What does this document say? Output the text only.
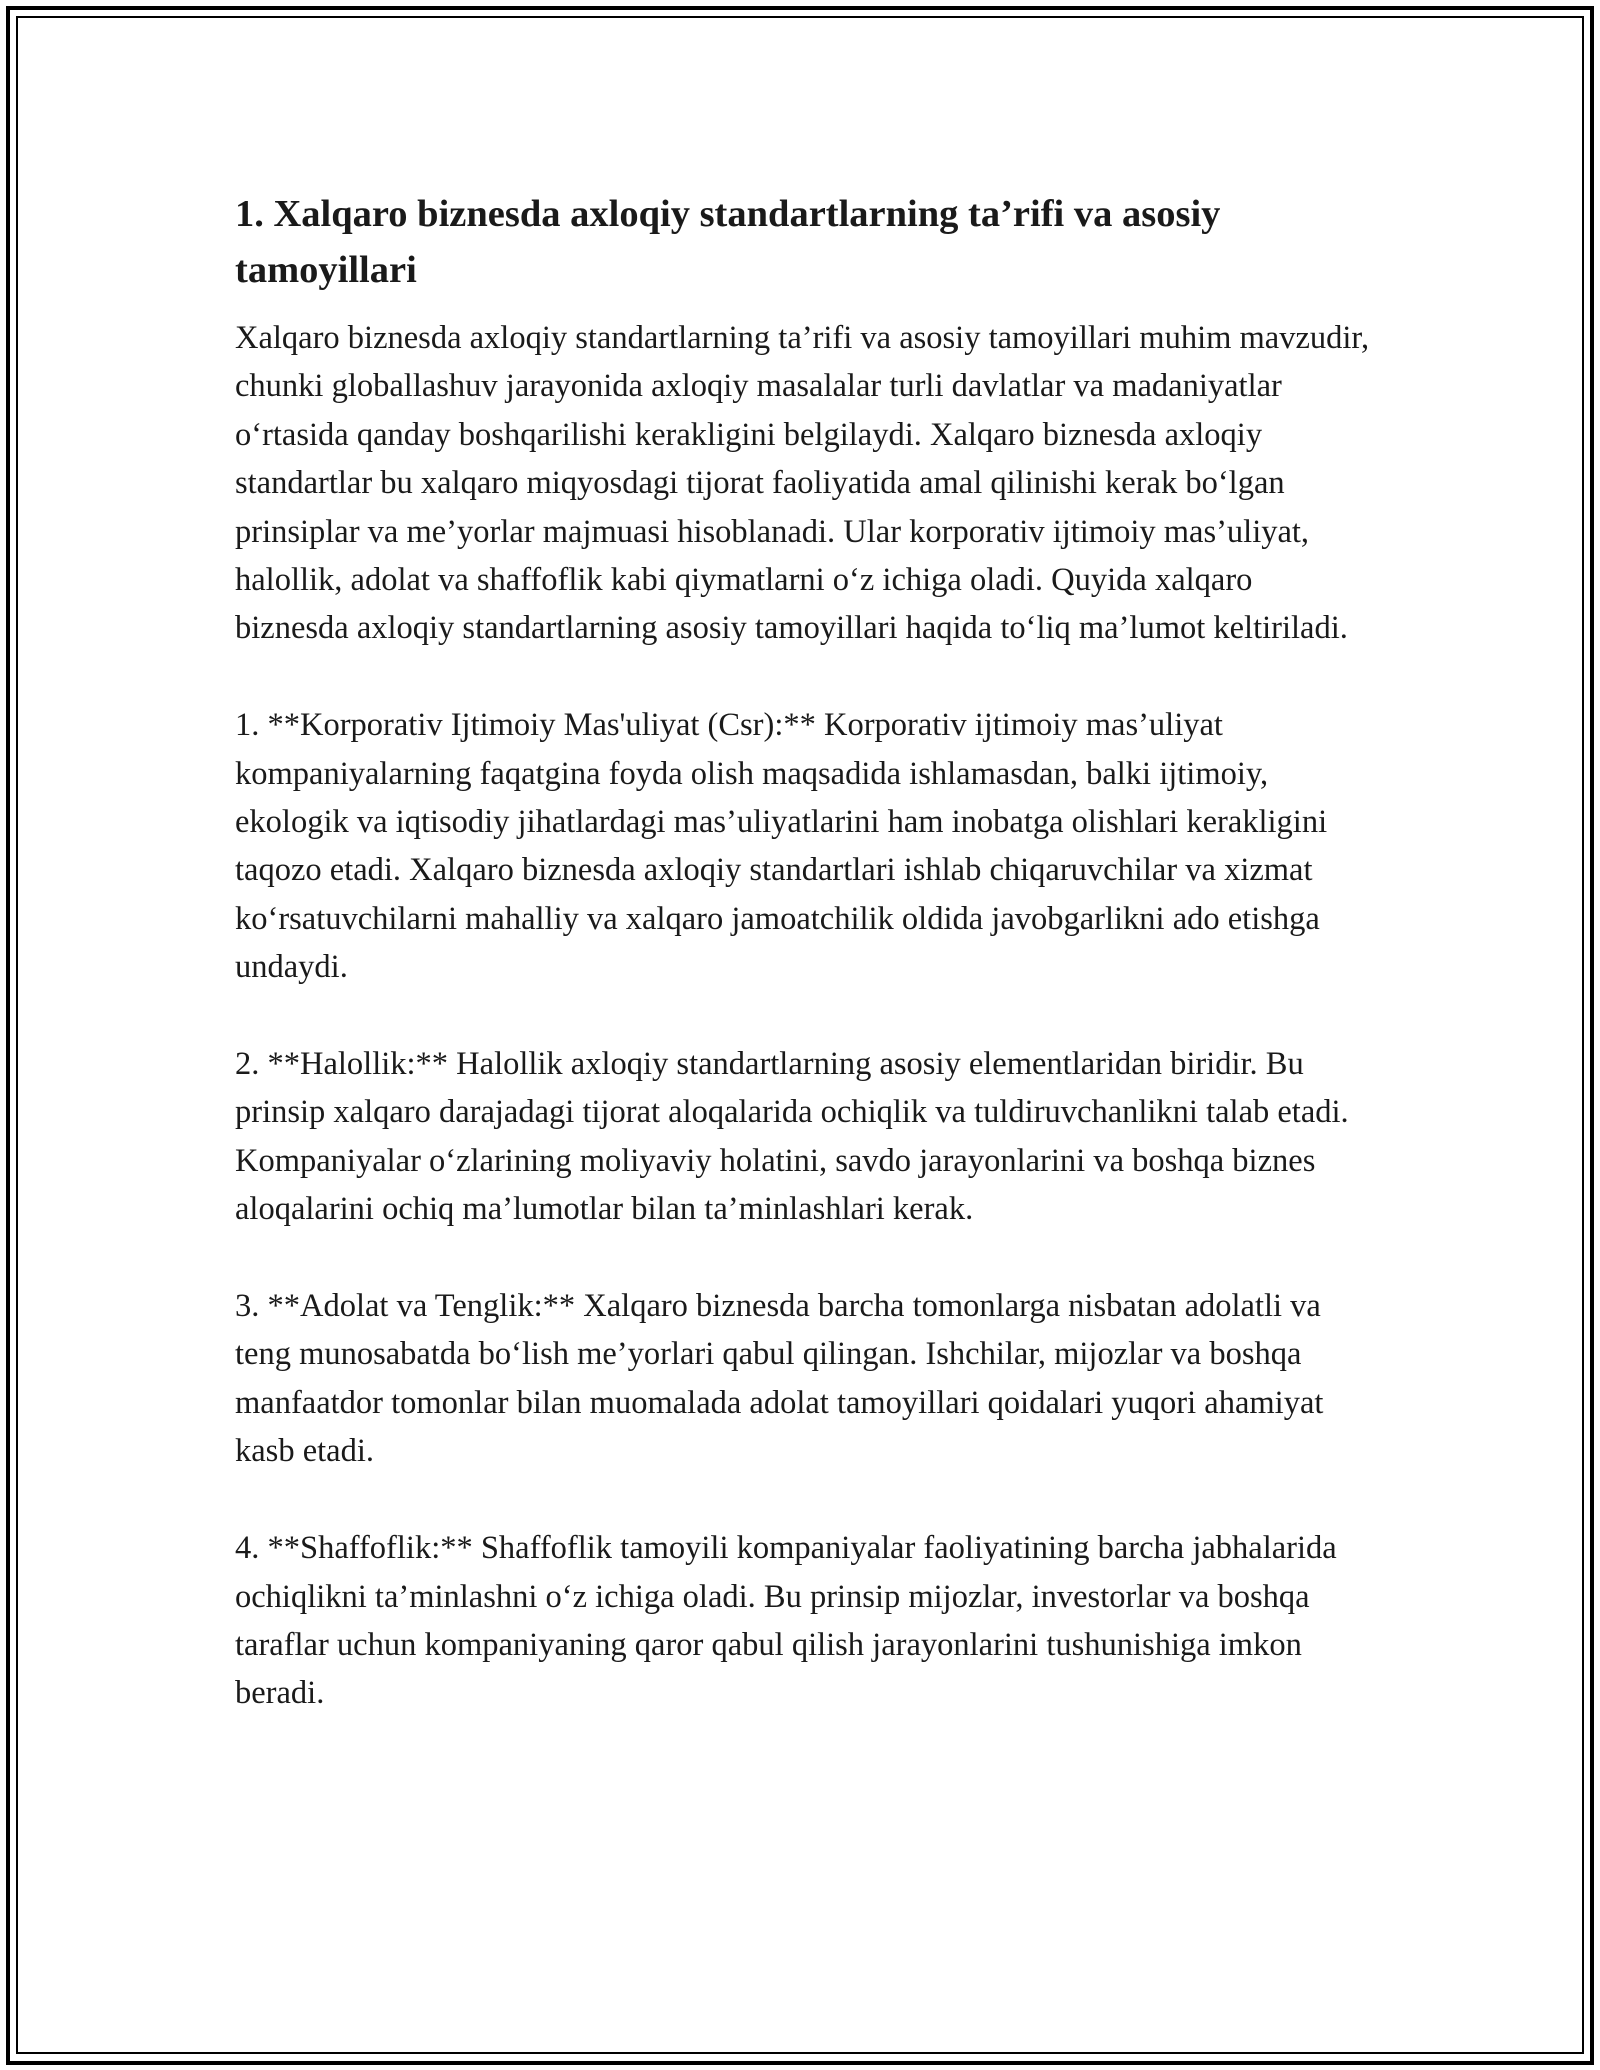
1. Xalqaro biznesda axloqiy standartlarning ta’rifi va asosiy tamoyillari

Xalqaro biznesda axloqiy standartlarning ta’rifi va asosiy tamoyillari muhim mavzudir, chunki globallashuv jarayonida axloqiy masalalar turli davlatlar va madaniyatlar o‘rtasida qanday boshqarilishi kerakligini belgilaydi. Xalqaro biznesda axloqiy standartlar bu xalqaro miqyosdagi tijorat faoliyatida amal qilinishi kerak bo‘lgan prinsiplar va me’yorlar majmuasi hisoblanadi. Ular korporativ ijtimoiy mas’uliyat, halollik, adolat va shaffoflik kabi qiymatlarni o‘z ichiga oladi. Quyida xalqaro biznesda axloqiy standartlarning asosiy tamoyillari haqida to‘liq ma’lumot keltiriladi.

1. **Korporativ Ijtimoiy Mas'uliyat (Csr):** Korporativ ijtimoiy mas’uliyat kompaniyalarning faqatgina foyda olish maqsadida ishlamasdan, balki ijtimoiy, ekologik va iqtisodiy jihatlardagi mas’uliyatlarini ham inobatga olishlari kerakligini taqozo etadi. Xalqaro biznesda axloqiy standartlari ishlab chiqaruvchilar va xizmat ko‘rsatuvchilarni mahalliy va xalqaro jamoatchilik oldida javobgarlikni ado etishga undaydi.

2. **Halollik:** Halollik axloqiy standartlarning asosiy elementlaridan biridir. Bu prinsip xalqaro darajadagi tijorat aloqalarida ochiqlik va tuldiruvchanlikni talab etadi. Kompaniyalar o‘zlarining moliyaviy holatini, savdo jarayonlarini va boshqa biznes aloqalarini ochiq ma’lumotlar bilan ta’minlashlari kerak.

3. **Adolat va Tenglik:** Xalqaro biznesda barcha tomonlarga nisbatan adolatli va teng munosabatda bo‘lish me’yorlari qabul qilingan. Ishchilar, mijozlar va boshqa manfaatdor tomonlar bilan muomalada adolat tamoyillari qoidalari yuqori ahamiyat kasb etadi.

4. **Shaffoflik:** Shaffoflik tamoyili kompaniyalar faoliyatining barcha jabhalarida ochiqlikni ta’minlashni o‘z ichiga oladi. Bu prinsip mijozlar, investorlar va boshqa taraflar uchun kompaniyaning qaror qabul qilish jarayonlarini tushunishiga imkon beradi.
